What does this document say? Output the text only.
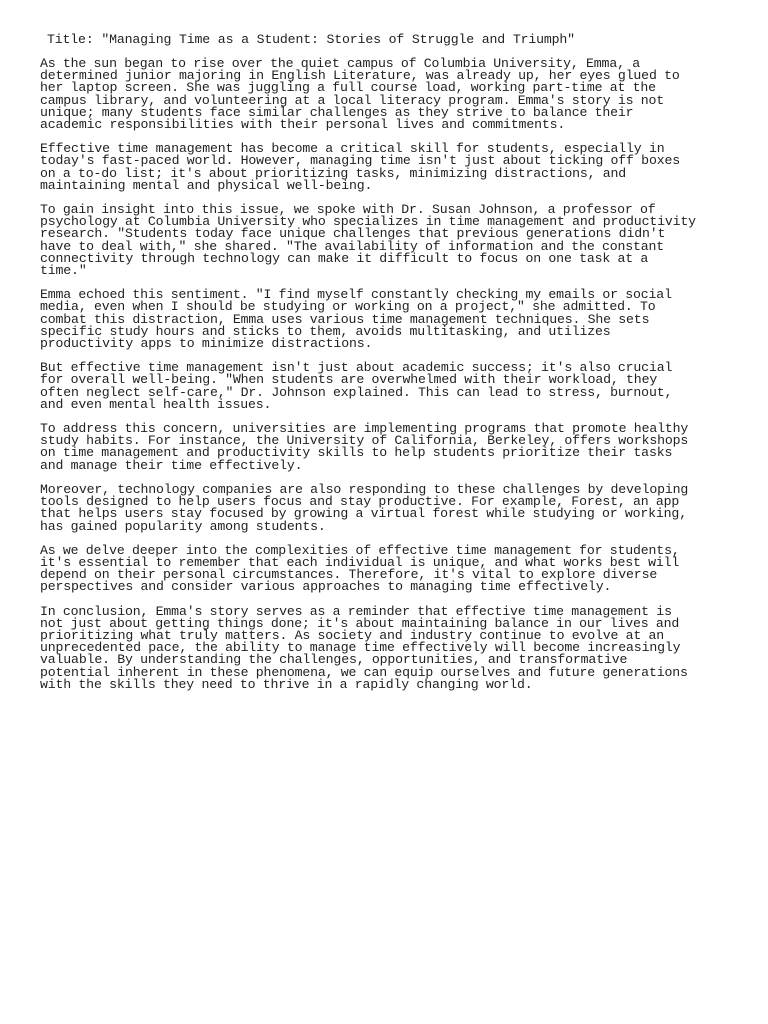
Title: "Managing Time as a Student: Stories of Struggle and Triumph"

As the sun began to rise over the quiet campus of Columbia University, Emma, a determined junior majoring in English Literature, was already up, her eyes glued to her laptop screen. She was juggling a full course load, working part-time at the campus library, and volunteering at a local literacy program. Emma's story is not unique; many students face similar challenges as they strive to balance their academic responsibilities with their personal lives and commitments.

Effective time management has become a critical skill for students, especially in today's fast-paced world. However, managing time isn't just about ticking off boxes on a to-do list; it's about prioritizing tasks, minimizing distractions, and maintaining mental and physical well-being.

To gain insight into this issue, we spoke with Dr. Susan Johnson, a professor of psychology at Columbia University who specializes in time management and productivity research. "Students today face unique challenges that previous generations didn't have to deal with," she shared. "The availability of information and the constant connectivity through technology can make it difficult to focus on one task at a time."

Emma echoed this sentiment. "I find myself constantly checking my emails or social media, even when I should be studying or working on a project," she admitted. To combat this distraction, Emma uses various time management techniques. She sets specific study hours and sticks to them, avoids multitasking, and utilizes productivity apps to minimize distractions.

But effective time management isn't just about academic success; it's also crucial for overall well-being. "When students are overwhelmed with their workload, they often neglect self-care," Dr. Johnson explained. This can lead to stress, burnout, and even mental health issues.

To address this concern, universities are implementing programs that promote healthy study habits. For instance, the University of California, Berkeley, offers workshops on time management and productivity skills to help students prioritize their tasks and manage their time effectively.

Moreover, technology companies are also responding to these challenges by developing tools designed to help users focus and stay productive. For example, Forest, an app that helps users stay focused by growing a virtual forest while studying or working, has gained popularity among students.

As we delve deeper into the complexities of effective time management for students, it's essential to remember that each individual is unique, and what works best will depend on their personal circumstances. Therefore, it's vital to explore diverse perspectives and consider various approaches to managing time effectively.

In conclusion, Emma's story serves as a reminder that effective time management is not just about getting things done; it's about maintaining balance in our lives and prioritizing what truly matters. As society and industry continue to evolve at an unprecedented pace, the ability to manage time effectively will become increasingly valuable. By understanding the challenges, opportunities, and transformative potential inherent in these phenomena, we can equip ourselves and future generations with the skills they need to thrive in a rapidly changing world.
